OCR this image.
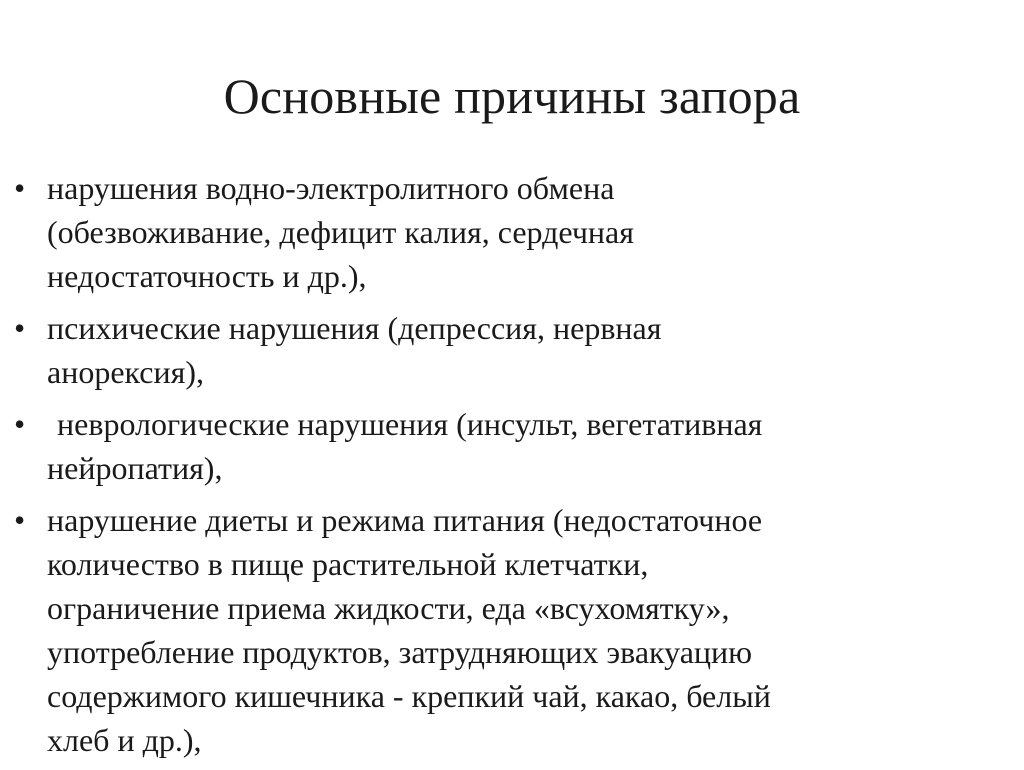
Основные причины запора
• нарушения водно-электролитного обмена
(обезвоживание, дефицит калия, сердечная
недостаточность и др.),
• психические нарушения (депрессия, нервная
анорексия),
• неврологические нарушения (инсульт, вегетативная
нейропатия),
• нарушение диеты и режима питания (недостаточное
количество в пище растительной клетчатки,
ограничение приема жидкости, еда «всухомятку»,
употребление продуктов, затрудняющих эвакуацию
содержимого кишечника - крепкий чай, какао, белый
хлеб и др.),
